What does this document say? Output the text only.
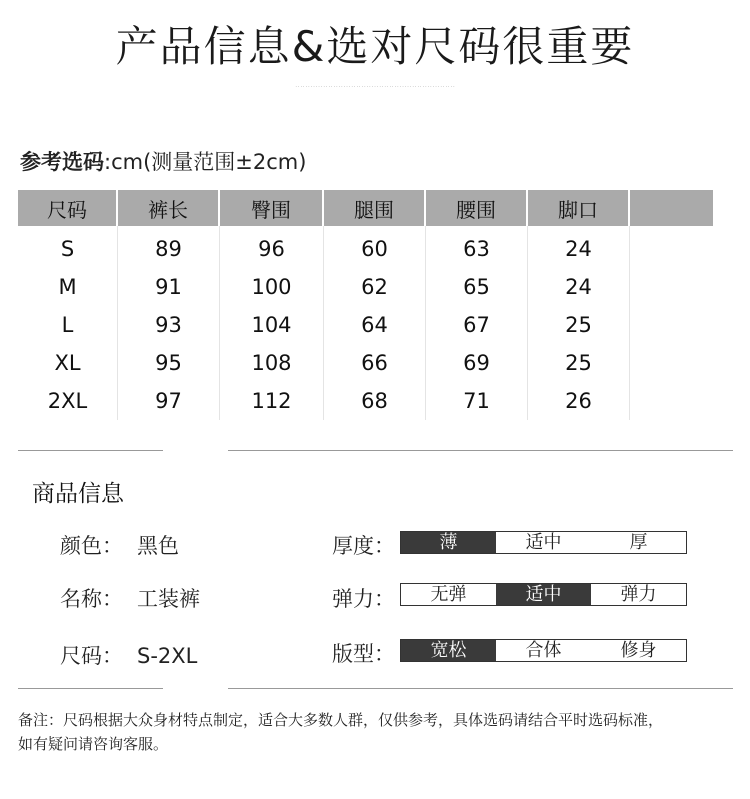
产品信息&选对尺码很重要
· · · · · · · · · · · · · · · · · · · · · · · · · · · · · · · · · · · · · · · · · · · · · · · · · · · · · · · · · · · · · · ·
参考选码:cm(测量范围±2cm)
尺码	裤长	臀围	腿围	腰围	脚口	
S	89	96	60	63	24	
M	91	100	62	65	24	
L	93	104	64	67	25	
XL	95	108	66	69	25	
2XL	97	112	68	71	26	
商品信息
颜色： 黑色
名称： 工装裤
尺码： S-2XL
厚度：	薄	适中	厚
弹力：	无弹	适中	弹力
版型：	宽松	合体	修身
备注：尺码根据大众身材特点制定，适合大多数人群，仅供参考，具体选码请结合平时选码标准，
如有疑问请咨询客服。
